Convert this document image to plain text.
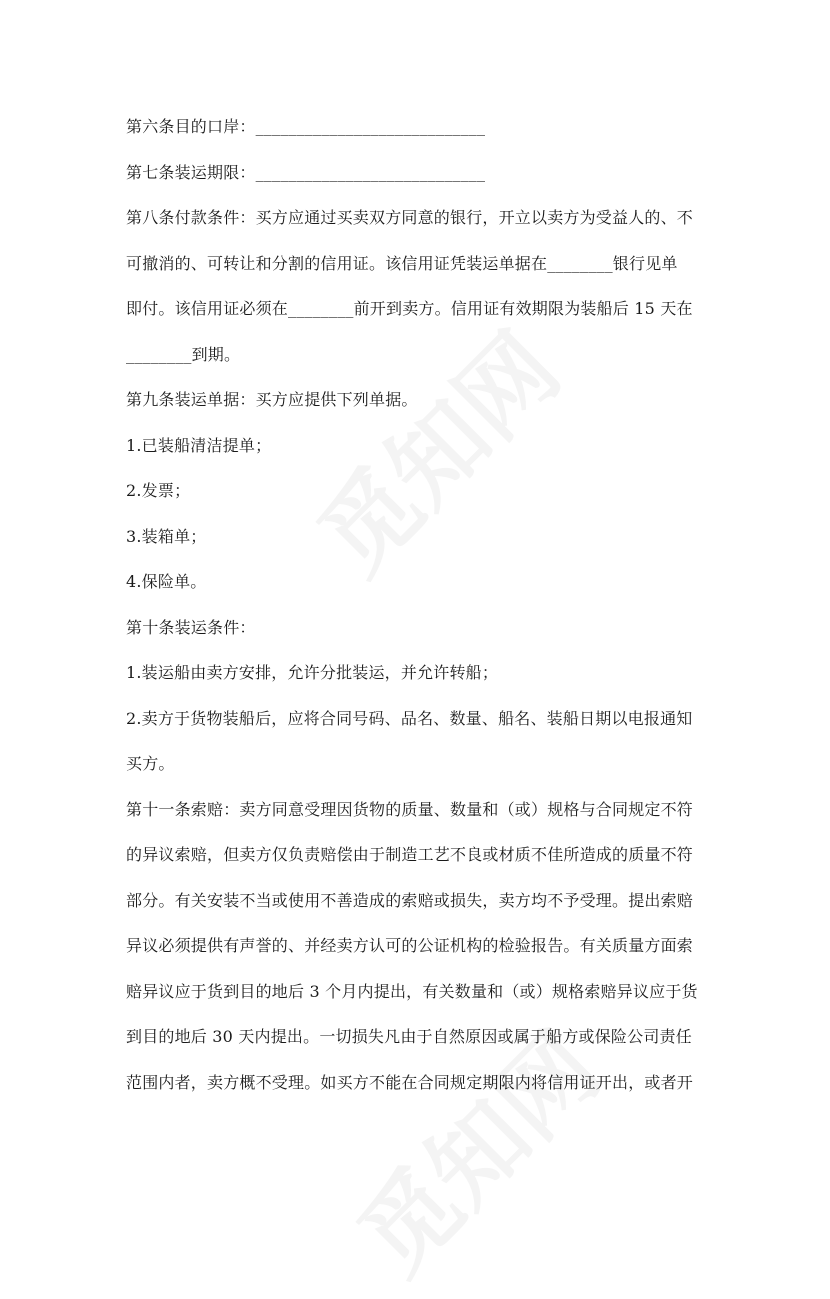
第六条目的口岸：____________________________
第七条装运期限：____________________________
第八条付款条件：买方应通过买卖双方同意的银行，开立以卖方为受益人的、不
可撤消的、可转让和分割的信用证。该信用证凭装运单据在________银行见单
即付。该信用证必须在________前开到卖方。信用证有效期限为装船后 15 天在
________到期。
第九条装运单据：买方应提供下列单据。
1.已装船清洁提单；
2.发票；
3.装箱单；
4.保险单。
第十条装运条件：
1.装运船由卖方安排，允许分批装运，并允许转船；
2.卖方于货物装船后，应将合同号码、品名、数量、船名、装船日期以电报通知
买方。
第十一条索赔：卖方同意受理因货物的质量、数量和（或）规格与合同规定不符
的异议索赔，但卖方仅负责赔偿由于制造工艺不良或材质不佳所造成的质量不符
部分。有关安装不当或使用不善造成的索赔或损失，卖方均不予受理。提出索赔
异议必须提供有声誉的、并经卖方认可的公证机构的检验报告。有关质量方面索
赔异议应于货到目的地后 3 个月内提出，有关数量和（或）规格索赔异议应于货
到目的地后 30 天内提出。一切损失凡由于自然原因或属于船方或保险公司责任
范围内者，卖方概不受理。如买方不能在合同规定期限内将信用证开出，或者开
